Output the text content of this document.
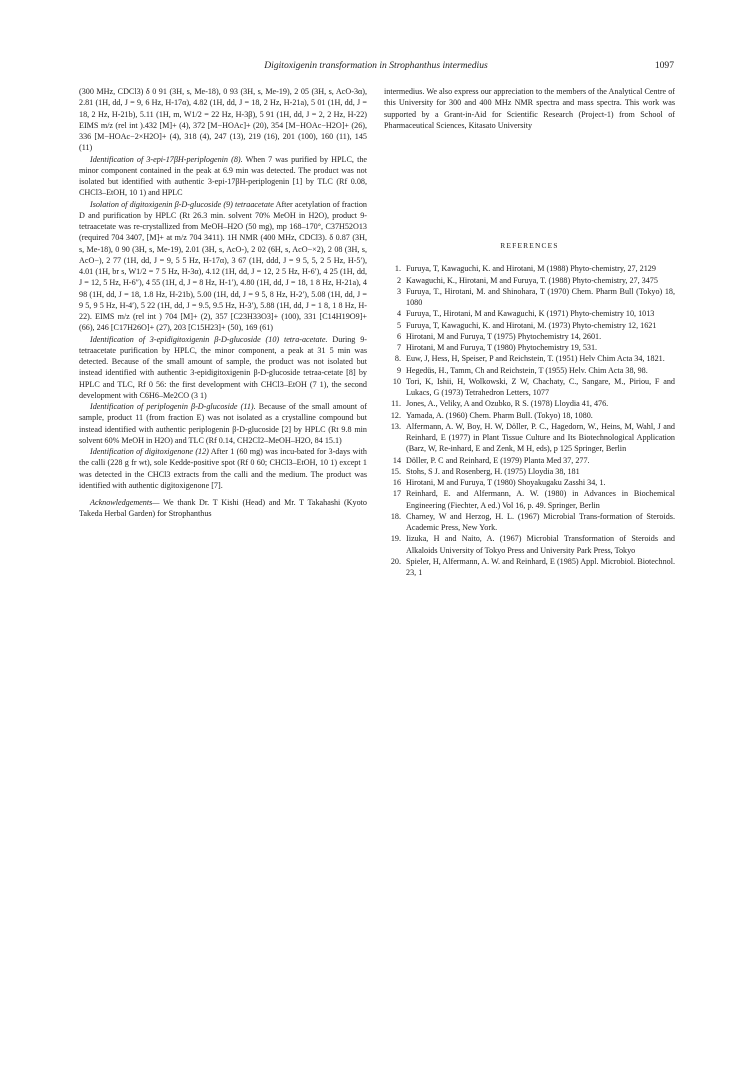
Digitoxigenin transformation in Strophanthus intermedius	1097

(300 MHz, CDCl3) δ 0 91 (3H, s, Me-18), 0 93 (3H, s, Me-19), 2 05 (3H, s, AcO-3α), 2.81 (1H, dd, J = 9, 6 Hz, H-17α), 4.82 (1H, dd, J = 18, 2 Hz, H-21a), 5 01 (1H, dd, J = 18, 2 Hz, H-21b), 5.11 (1H, m, W1/2 = 22 Hz, H-3β), 5 91 (1H, dd, J = 2, 2 Hz, H-22) EIMS m/z (rel int ).432 [M]+ (4), 372 [M−HOAc]+ (20), 354 [M−HOAc−H2O]+ (26), 336 [M−HOAc−2×H2O]+ (4), 318 (4), 247 (13), 219 (16), 201 (100), 160 (11), 145 (11)

Identification of 3-epi-17βH-periplogenin (8). When 7 was purified by HPLC, the minor component contained in the peak at 6.9 min was detected. The product was not isolated but identified with authentic 3-epi-17βH-periplogenin [1] by TLC (Rf 0.08, CHCl3–EtOH, 10 1) and HPLC

Isolation of digitoxigenin β-D-glucoside (9) tetraacetate After acetylation of fraction D and purification by HPLC (Rt 26.3 min. solvent 70% MeOH in H2O), product 9-tetraacetate was re-crystallized from MeOH–H2O (50 mg), mp 168–170°, C37H52O13 (required 704 3407, [M]+ at m/z 704 3411). 1H NMR (400 MHz, CDCl3). δ 0.87 (3H, s, Me-18), 0 90 (3H, s, Me-19), 2.01 (3H, s, AcO-), 2 02 (6H, s, AcO−×2), 2 08 (3H, s, AcO−), 2 77 (1H, dd, J = 9, 5 5 Hz, H-17α), 3 67 (1H, ddd, J = 9 5, 5, 2 5 Hz, H-5′), 4.01 (1H, br s, W1/2 = 7 5 Hz, H-3α), 4.12 (1H, dd, J = 12, 2 5 Hz, H-6′), 4 25 (1H, dd, J = 12, 5 Hz, H-6″), 4 55 (1H, d, J = 8 Hz, H-1′), 4.80 (1H, dd, J = 18, 1 8 Hz, H-21a), 4 98 (1H, dd, J = 18, 1.8 Hz, H-21b), 5.00 (1H, dd, J = 9 5, 8 Hz, H-2′), 5.08 (1H, dd, J = 9 5, 9 5 Hz, H-4′), 5 22 (1H, dd, J = 9.5, 9.5 Hz, H-3′), 5.88 (1H, dd, J = 1 8, 1 8 Hz, H-22). EIMS m/z (rel int ) 704 [M]+ (2), 357 [C23H33O3]+ (100), 331 [C14H19O9]+ (66), 246 [C17H26O]+ (27), 203 [C15H23]+ (50), 169 (61)

Identification of 3-epidigitoxigenin β-D-glucoside (10) tetra-acetate. During 9-tetraacetate purification by HPLC, the minor component, a peak at 31 5 min was detected. Because of the small amount of sample, the product was not isolated but instead identified with authentic 3-epidigitoxigenin β-D-glucoside tetraa-cetate [8] by HPLC and TLC, Rf 0 56: the first development with CHCl3–EtOH (7 1), the second development with C6H6–Me2CO (3 1)

Identification of periplogenin β-D-glucoside (11). Because of the small amount of sample, product 11 (from fraction E) was not isolated as a crystalline compound but instead identified with authentic periplogenin β-D-glucoside [2] by HPLC (Rt 9.8 min solvent 60% MeOH in H2O) and TLC (Rf 0.14, CH2Cl2–MeOH–H2O, 84 15.1)

Identification of digitoxigenone (12) After 1 (60 mg) was incu-bated for 3-days with the calli (228 g fr wt), sole Kedde-positive spot (Rf 0 60; CHCl3–EtOH, 10 1) except 1 was detected in the CHCl3 extracts from the calli and the medium. The product was identified with authentic digitoxigenone [7].

Acknowledgements— We thank Dr. T Kishi (Head) and Mr. T Takahashi (Kyoto Takeda Herbal Garden) for Strophanthus

intermedius. We also express our appreciation to the members of the Analytical Centre of this University for 300 and 400 MHz NMR spectra and mass spectra. This work was supported by a Grant-in-Aid for Scientific Research (Project-1) from School of Pharmaceutical Sciences, Kitasato University

REFERENCES
1. Furuya, T, Kawaguchi, K. and Hirotani, M (1988) Phyto-chemistry, 27, 2129
2 Kawaguchi, K., Hirotani, M and Furuya, T. (1988) Phyto-chemistry, 27, 3475
3 Furuya, T., Hirotani, M. and Shinohara, T (1970) Chem. Pharm Bull (Tokyo) 18, 1080
4 Furuya, T., Hirotani, M and Kawaguchi, K (1971) Phyto-chemistry 10, 1013
5 Furuya, T, Kawaguchi, K. and Hirotani, M. (1973) Phyto-chemistry 12, 1621
6 Hirotani, M and Furuya, T (1975) Phytochemistry 14, 2601.
7 Hirotani, M and Furuya, T (1980) Phytochemistry 19, 531.
8. Euw, J, Hess, H, Speiser, P and Reichstein, T. (1951) Helv Chim Acta 34, 1821.
9 Hegedüs, H., Tamm, Ch and Reichstein, T (1955) Helv. Chim Acta 38, 98.
10 Tori, K, Ishii, H, Wolkowski, Z W, Chachaty, C., Sangare, M., Piriou, F and Lukacs, G (1973) Tetrahedron Letters, 1077
11. Jones, A., Veliky, A and Ozubko, R S. (1978) Lloydia 41, 476.
12. Yamada, A. (1960) Chem. Pharm Bull. (Tokyo) 18, 1080.
13. Alfermann, A. W, Boy, H. W, Döller, P. C., Hagedorn, W., Heins, M, Wahl, J and Reinhard, E (1977) in Plant Tissue Culture and Its Biotechnological Application (Barz, W, Re-inhard, E and Zenk, M H, eds), p 125 Springer, Berlin
14 Döller, P. C and Reinhard, E (1979) Planta Med 37, 277.
15. Stohs, S J. and Rosenberg, H. (1975) Lloydia 38, 181
16 Hirotani, M and Furuya, T (1980) Shoyakugaku Zasshi 34, 1.
17 Reinhard, E. and Alfermann, A. W. (1980) in Advances in Biochemical Engineering (Fiechter, A ed.) Vol 16, p. 49. Springer, Berlin
18. Charney, W and Herzog, H. L. (1967) Microbial Trans-formation of Steroids. Academic Press, New York.
19. Iizuka, H and Naito, A. (1967) Microbial Transformation of Steroids and Alkaloids University of Tokyo Press and University Park Press, Tokyo
20. Spieler, H, Alfermann, A. W. and Reinhard, E (1985) Appl. Microbiol. Biotechnol. 23, 1
